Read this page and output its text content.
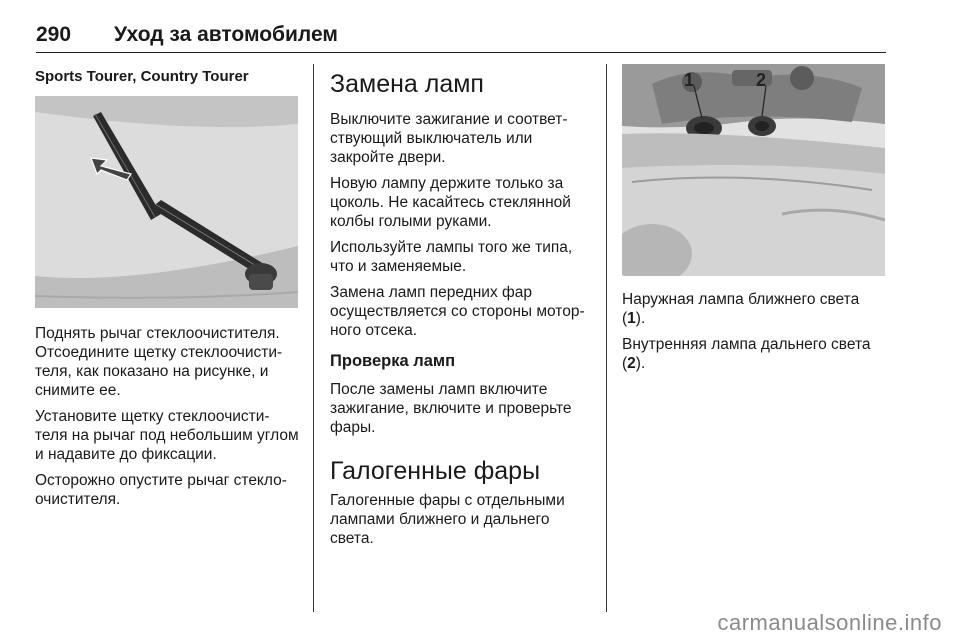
290 Уход за автомобилем
Sports Tourer, Country Tourer

Поднять рычаг стеклоочистителя. Отсоедините щетку стеклоочисти-теля, как показано на рисунке, и снимите ее.

Установите щетку стеклоочисти-теля на рычаг под небольшим углом и надавите до фиксации.

Осторожно опустите рычаг стекло-очистителя.

Замена ламп

Выключите зажигание и соответ-ствующий выключатель или закройте двери.

Новую лампу держите только за цоколь. Не касайтесь стеклянной колбы голыми руками.

Используйте лампы того же типа, что и заменяемые.

Замена ламп передних фар осуществляется со стороны мотор-ного отсека.

Проверка ламп

После замены ламп включите зажигание, включите и проверьте фары.

Галогенные фары

Галогенные фары с отдельными лампами ближнего и дальнего света.

1	2

Наружная лампа ближнего света
(1).

Внутренняя лампа дальнего света
(2).

carmanualsonline.info
